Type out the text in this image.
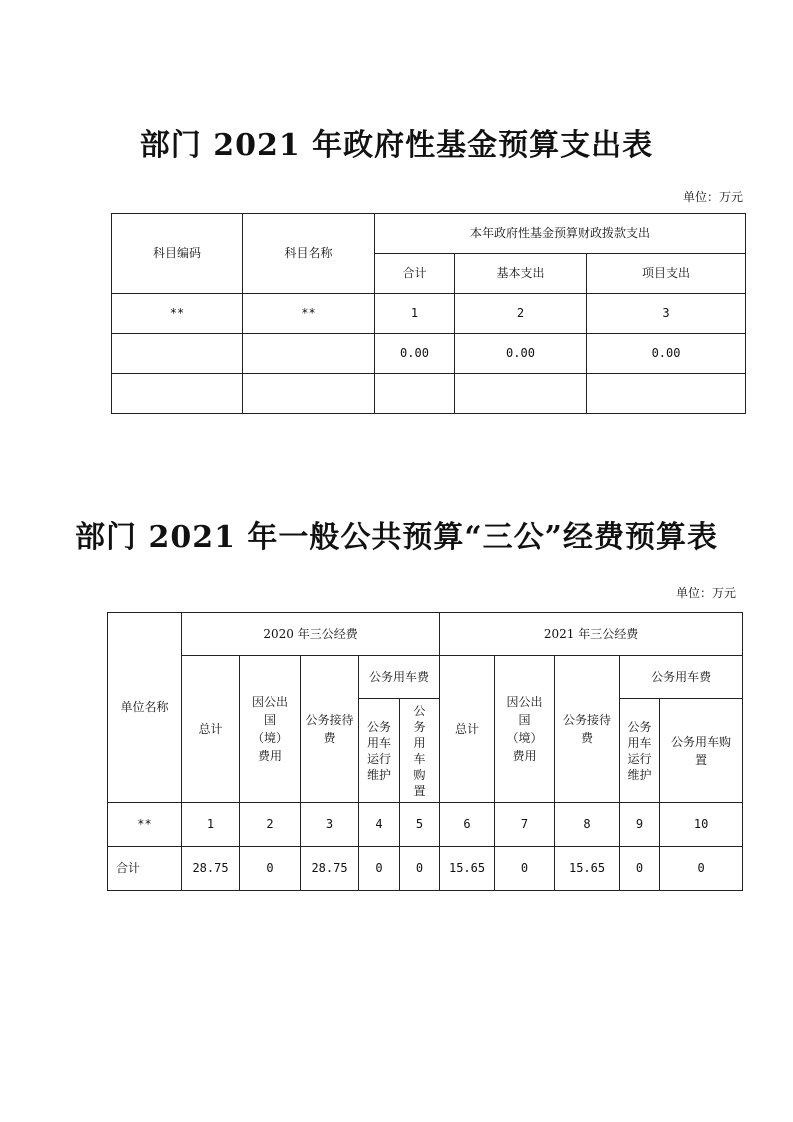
部门 2021 年政府性基金预算支出表
单位：万元
科目编码	科目名称	本年政府性基金预算财政拨款支出		
		合计	基本支出	项目支出
**	**	1	2	3
		0.00	0.00	0.00

部门 2021 年一般公共预算“三公”经费预算表
单位：万元
单位名称	2020 年三公经费					2021 年三公经费				
	总计	因公出国（境）费用	公务接待费	公务用车费		总计	因公出国（境）费用	公务接待费	公务用车费	

				公务用车运行维护	公务用车购置				公务用车运行维护	公务用车购置

**	1	2	3	4	5	6	7	8	9	10
合计	28.75	0	28.75	0	0	15.65	0	15.65	0	0
